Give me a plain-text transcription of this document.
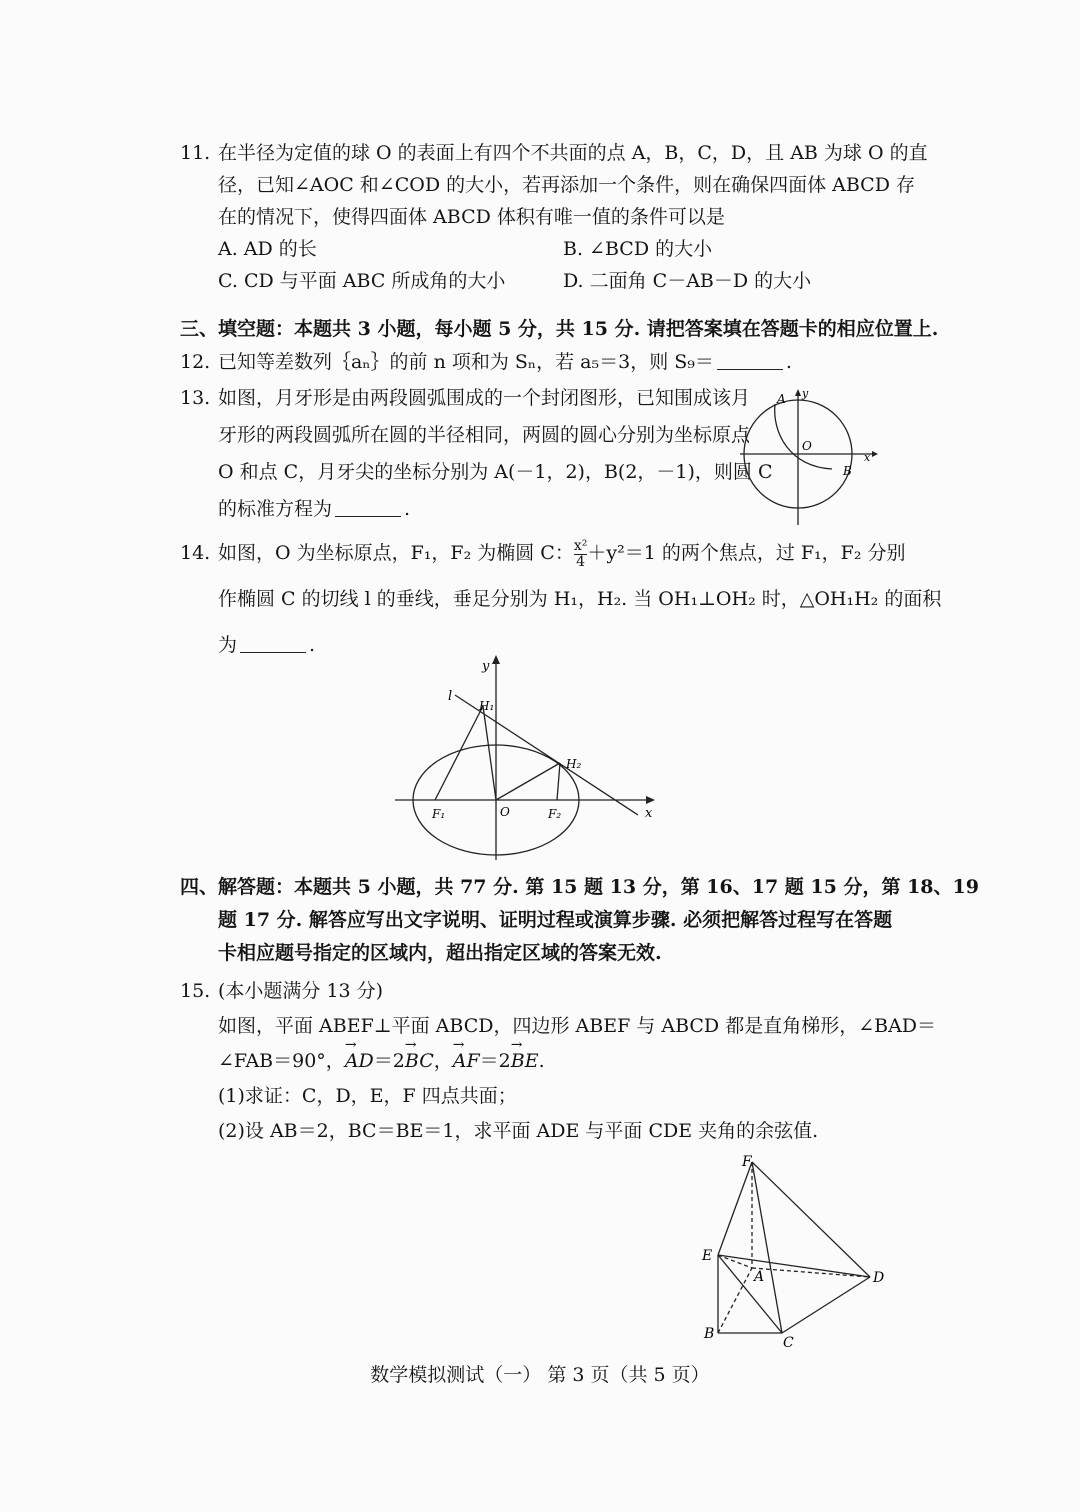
11. 在半径为定值的球 O 的表面上有四个不共面的点 A，B，C，D，且 AB 为球 O 的直
径，已知∠AOC 和∠COD 的大小，若再添加一个条件，则在确保四面体 ABCD 存
在的情况下，使得四面体 ABCD 体积有唯一值的条件可以是
A. AD 的长	B. ∠BCD 的大小
C. CD 与平面 ABC 所成角的大小	D. 二面角 C－AB－D 的大小
三、填空题：本题共 3 小题，每小题 5 分，共 15 分. 请把答案填在答题卡的相应位置上.
12. 已知等差数列｛aₙ｝的前 n 项和为 Sₙ，若 a₅＝3，则 S₉＝	.
13. 如图，月牙形是由两段圆弧围成的一个封闭图形，已知围成该月
牙形的两段圆弧所在圆的半径相同，两圆的圆心分别为坐标原点
O 和点 C，月牙尖的坐标分别为 A(－1，2)，B(2，－1)，则圆 C
的标准方程为	.
A
B
O
x
y
14. 如图，O 为坐标原点，F₁，F₂ 为椭圆 C： $\frac{\text{x²}}{4} +y^2=1$ 的两个焦点，过 F₁，F₂ 分别
作椭圆 C 的切线 l 的垂线，垂足分别为 H₁，H₂. 当 OH₁⊥OH₂ 时，△OH₁H₂ 的面积
为	.
l
H₁
H₂
F₁	F₂
O
y
x
四、解答题：本题共 5 小题，共 77 分. 第 15 题 13 分，第 16、17 题 15 分，第 18、19
题 17 分. 解答应写出文字说明、证明过程或演算步骤. 必须把解答过程写在答题
卡相应题号指定的区域内，超出指定区域的答案无效.
15. (本小题满分 13 分)
如图，平面 ABEF⊥平面 ABCD，四边形 ABEF 与 ABCD 都是直角梯形，∠BAD＝
∠FAB＝90°，→ AD＝2→ BC，→ AF＝2→ BE.
(1)求证：C，D，E，F 四点共面；
(2)设 AB＝2，BC＝BE＝1，求平面 ADE 与平面 CDE 夹角的余弦值.
F
E
A	D
B
C
数学模拟测试（一） 第 3 页（共 5 页）
